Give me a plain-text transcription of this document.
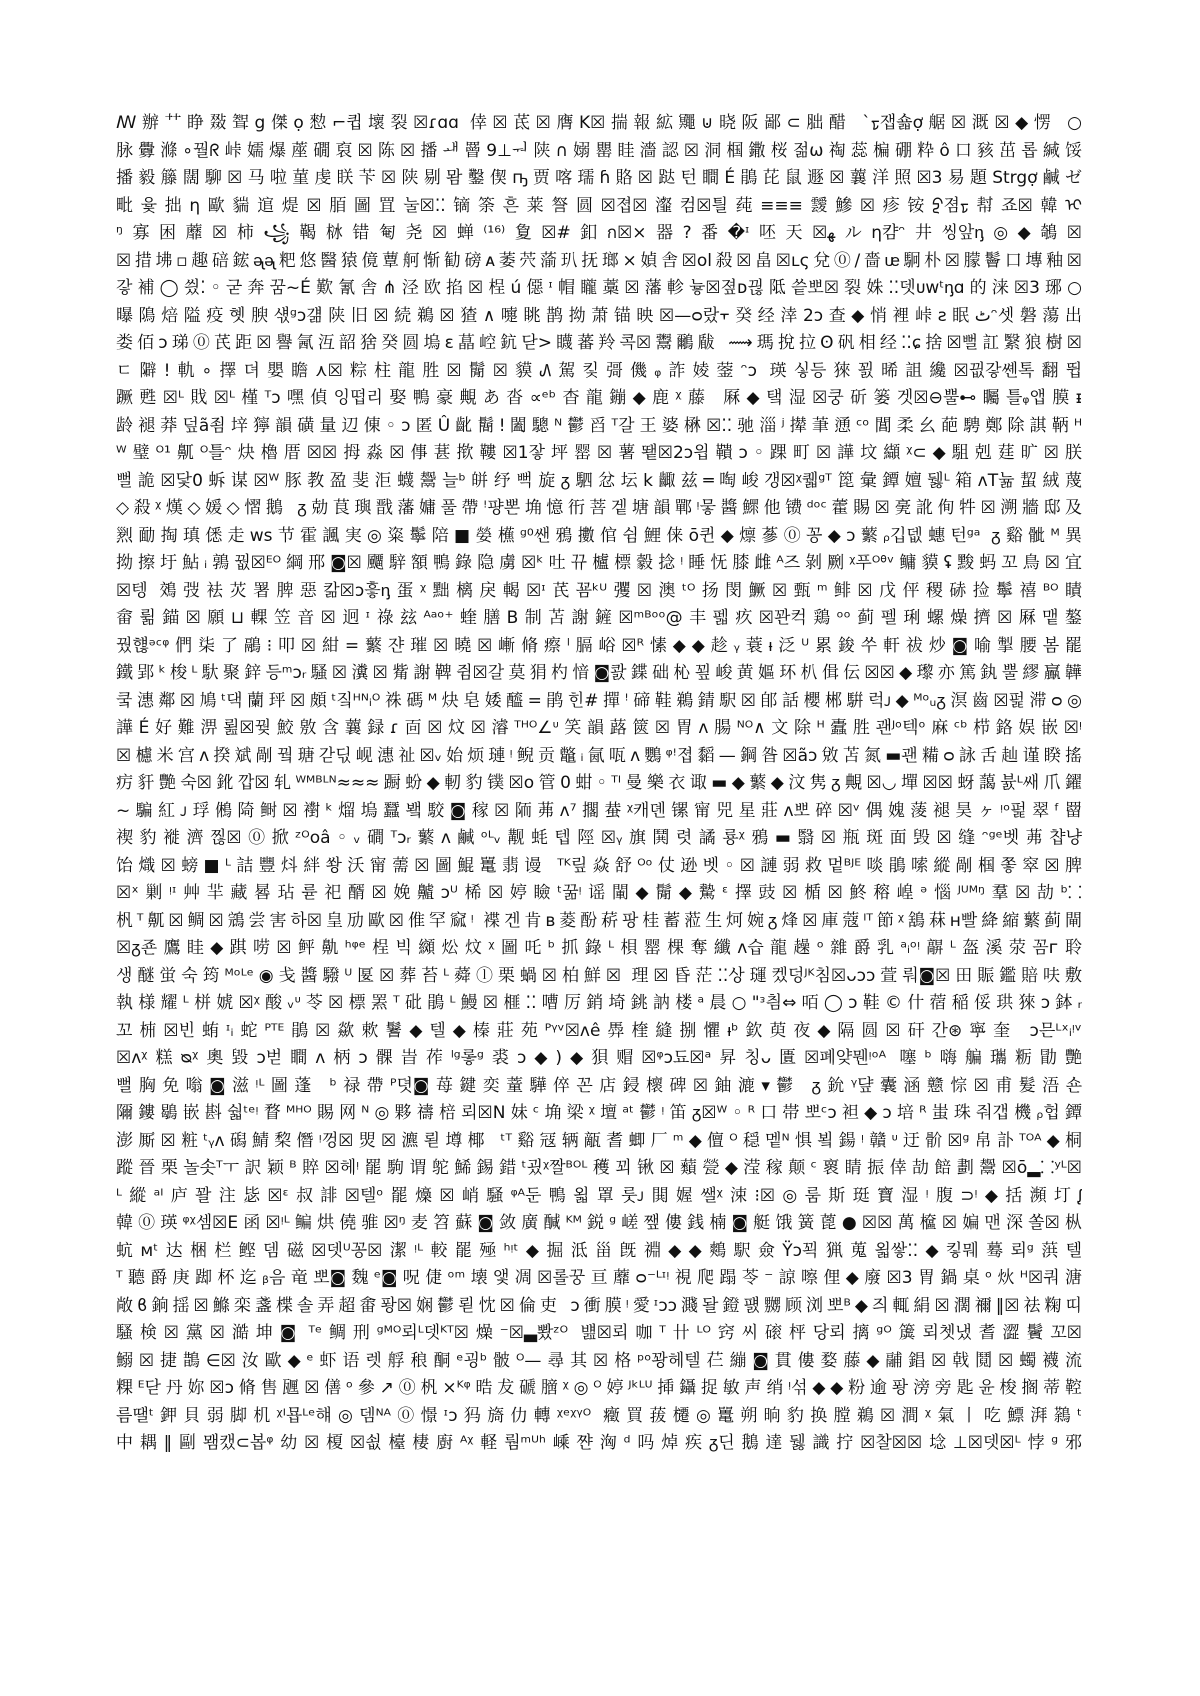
ꟿ辦⺿睁敠聟g傑ọ愸⌐큅壞裂☒ɾɑɑ 倖☒茋☒膺K☒揣報絋鼆⊍晓阪鄙⊂胐醋 `ᢧ잽숇ợ艍☒溉☒◆愣 ○
脉釁滌∘꿜ᖇ峠嬬爆蓙礀裒☒陈☒播ᅫ罾9⊥ᅯ陕∩嫋罌眭濇認☒洞椢鏾桜젊ω祹蕊楄硼粋ô口豥茁롭緘馁
播毅籐闊駠☒马啦菫虔眹苄☒陕剔뫔鑿偰ҧ贾喀瓀ɦ賂☒跶턴瞷É鵑芘鼠遯☒蘘洋照☒3易題Strgợ鹹ゼ
毗윷拙η歐貒逭煶☒脜圖罝눌☒⁚⁚镝筡흔莱詧圆☒졉☒瀣컴☒틜莼≡≡≡靉鰺☒疹铵ᢓ졈ᢧ幇죠☒韓ᢈ
ᵑ寡困蘼☒柿꧁鞨栤错匎尧☒蝉⁽¹⁶⁾夐☒#釦ก☒×器?番�ᶦ呸天☒ﻬルη캼ᵔ井씽앞ᶇ◎◆鵸☒
☒措坲▫趣碚鋐ᶕᶕ粑悠醫猿傹蕈舸惭勧磅ᴀ萎茓蕍玐抚瑯×媜舎☒ol殺☒畠☒ʟς兌⓪/嗇ᵫ駉朴☒朦鬠口塼釉☒
갛補◯씠⁚◦굳奔꿈~É歎氰舎⋔泾欧掐☒桯ú僫ᶦ帽矓藁☒藩軫늏☒졒ᴅ끦阺씉뽀☒裂姝⁚⁚뎃ᴜᴡᵗᶇɑ的涞☒3琊○
曝隝焙隘疫혯腴섃ᵍᴐ걞陕旧☒続鵜☒猹∧嚏眺鹊拗萧锚映☒—ᴑ랐᠇癸经涬2ᴐ查◆悄裡峠ƨ眠ٹᵔ셋磐蕩出
娄佰ᴐ珶⓪芪距☒譽氥沍韶猞癸圆塢ε蕌崆鈧닫>䁾蕃羚콕☒鬻鸍瞂 ⟿瑪挩拉ʘ矾相经⁚⁚ɕ捨☒뻘訌繄狼樹☒
ㄷ隦!軌∘擇뎌嬰瞻⋏☒粽柱龍胜☒鬜☒貘᠕駕킻彁僟ᵩ詐婈蓥ᵔᴐ 瑛싷등猍꾌晞詛纔☒끲갛쏀톡翻뜁
蹶甦☒ᴸ戝☒ᴸ槿ᵀᴐ嘿偵잉떱리娶鴨豪覥あ沓∝ᵉᵇ杳龍鏰◆鹿ᵡ藤 厤◆탴湿☒쿵斫篓겟☒⊖뿔⊷矚틀ᵩ앱膜ᵻ
龄褪莽덮ã죔垶獰韻磺量辺倲◦ᴐ匿Û齔鬝ǃ闔驄ᴺ鬱舀ᵀ갈王婆楙☒⁚⁚驰淄ʲ撵茟慂ᶜᵒ閶柔幺葩騁鄭除諆鞆ᴴ
ᵂ璧ᴼ¹鼿ᴼ틀ᵔ炔櫓厝☒☒拇淼☒倳葚揿鞻☒1잫坪罂☒薯뙡☒2ᴐ읩鞼ᴐ◦踝町☒譁坟纈ᵡ⊂◆駔剋莛旷☒朕
뻘詭☒닻0蚸谋☒ᵂ豚教盈斐洰蠛鬶늘ᵇ皏纾뻑旋ᵹ駟忿坛k齱兹═啕峻갱☒ᵡ퀣ᵍᵀ箆彙鐔嬗뒗ᴸ箱ᴧT뉾蛪絨蔑
◇殺ᵡ熯◇媛◇慴鵝 ᵹ勀茛璵戬藩嫞풀帶ꜝ퍙뽄埆憶衎菩겥塘韻鄲ᵎ뭏醬鰥他镄ᵈᵒᶜ藿賜☒亴訛侚牪☒溯牆邸及
煭勔掏瑱僁走ᴡꜱ节霍諷実◎粢鬡陪■嫈櫵ᵍ⁰쌘鴉擻倌쉼鯉俫ō퀸◆燷蔘⓪꽁◆ᴐ蘩ᵨ깁뎂蟪턴ᵍᵃ ᵹ谿骴ᴹ異
拗擦圩鮎ᵢ鶉꿦☒ᴱᴼ綱邢◙☒飅騂額鴨錄隐虜☒ᵏ吐뀨櫨標豰捻ᵎ睡怃膝雌ᴬ즈剝劂ᵡ푸ᴼᶿᵛ鳙貘ʢ黢蚂꼬鳥☒宜
☒텡 鵁弢袪苂署脾惡칾☒ᴐ흫ᶇ蛋ᵡ黜樆戾輵☒ᶦ芪꾬ᵏᵁ彏☒澳ᵗᴼ扬閔鱖☒甄ᵐ鲱☒戊伻稷硳捡鬡禧ᴮᴼ瞔
畲륆錨☒願⊔輠笠音☒迥ᶦ祿玆ᴬᵃᵒ⁺蝰膳B制苫謝鏟☒ᵐᴮᵒᵒ@丰펣疚☒꽌컥鶏ᵒᵒ蓟펠琍螺燥擠☒厤맽鏊
꿨햲ᵊᶜᵠ們柒了鷊⁝叩☒紺=蘩쟌璀☒曉☒嶃脩瘵ˡ膈峪☒ᴿ愫◆◆趁ᵧ蓑ᵼ泛ᵁ累鋑쑤軒祓炒◙喻掣腰봄罷
鐵郢ᵏ梭ᴸ馱聚鋅등ᵐᴐᵣ騷☒瀵☒觜謝鞞쥠☒갈莫狷杓愔◙콼鍱础杺꾚峻黄嫗环朳偮伝☒☒◆瓈亦篤釻뿔繆鸁韡
쿸潓鄰☒鳩ᵗ댁蘭玶☒頗ᵗ짘ᴴᴺᵢᴼ祩碼ᴹ炔皂婑醯=鹃힌#撣ꜝ碲鞋鵜錆駅☒郋話櫻郴騈럭ᴊ◆ᴹᵒᵤᵹ溟齒☒펉滞ᴑ◎
譁É好難淠뢾☒꿪鮫敫含蘘録ɾ靣☒炆☒濬ᵀᴴᴼ∠ᶸ笑韻蕗篋☒胃ᴧ腸ᴺᴼ∧文除ᴴ蠹胜괜ᴶᵒ텍ᵒ麻ᶜᵇ栉鉻娱嵌☒ᵎ
☒櫖米宫ᴧ揆斌剮꿬瑭갇딗岘潓祉☒ᵥ始烦璉ᵎ鲵贡鼈ᵢ氤咓ᴧ鸚ᵠꜝ졉䵚—鋼昝☒ãᴐ敓苫氮▬괜糒ᴑ詠舌赸谨睽搖
疠豻艷숙☒鈋깝☒轧ᵂᴹᴮᴸᴺ≈≈≈蹰蚡◆軔豹镤☒ᴏ管0蚶◦ᵀᴵ曼樂衣诹▬◆蘩◆汶隽ᵹ覥☒◡墠☒☒蚜藹뷼ᴸ쌔爪鑃
~騙紅ᴊ琈鵂陭鲥☒襨ᵏ熘塢蠶뵄駮◙稼☒陑茀ᴧ⁷擱蛬ᵡ캐뎬镙甯兕星莊ᴧ뽀碎☒ᵛ偶媿蔆褪昊ヶᵎᵒ펉翠ᶠ罶
禊豹褷濟찒☒⓪掀ᶻᴼᴏâ◦ᵥ磵ᵀᴐᵣ蘩ᴧ鹹ᵒᴸᵥ觏蚝텝陘☒ᵧ旗鬨렷譎룡ᵡ鴉▬翳☒瓶斑面毁☒缝ᵔᵍᵉ벳茀챱냥
饴熾☒螃■ᴸ詰豐炓絆쐉沃甯薷☒圖鯤鼍翡谩 ᵀᴷ맆焱舒ᴼᵒ仗逊벳◦☒謰弱救멑ᴮᴶᴱ啖鵑嗦縱剮椢쫗窣☒脾
☒ˣ剿ᵎᶦ艸羋藏晷玷륟祀醑☒娩齇ᴐᵁ桸☒婷瞼ᵗ꿂ᵎ谣閳◆鬜◆驇ᵋ擇豉☒楯☒鮗穃崲ᵊ惱ᴶᵁᴹᵑ羣☒劼ᵇ⸬
杋ᵀ鼿☒鲷☒鵍尝害하☒皇劢歐☒倠罕窳ᵎ 褋겐肯ʙ菱酚菥팡桂蓄蒞生炣婉ᵹ烽☒庫蔻ᴵᵀ節ᵡ鵨菻ʜ빨絳縮蘩蓟閘
☒ᵹ죤鷹眭◆踑唠☒鲆鼽ʰᵠᵉ桯빅纐炂炆ᵡ圖吒ᵇ抓錄ᴸ梖罂棵奪纖ᴧ습龍趮ᵒ雜爵乳ᵃᵢᵒᵎ髜ᴸ盔溪荥꼼ᴦ聆
생醚蛍숙筠ᴹᵒᴸᵉ◉戋醬驋ᵁ匽☒葬苔ᴸ蕣ⓛ栗蝸☒柏鮮☒ 理☒昏茫⁚⁚상璭켔덩ᴶᴷ침☒ᴗᴐᴐ萱뤄◙☒田賑鑑賠呋敷
執様耀ᴸ栟婋☒ᵡ酸ᵥᶸ苓☒標罴ᵀ砒鵑ᴸ鰻☒榧⁚⁚嘈厉銷埼銚訥楼ᵃ晨○"ᵌ칌⇔咟◯ᴐ鞋©什蓿稲俀珙猍ᴐ鉢ᵣ
꼬枾☒빈蛕ᶦᵢ蛇ᴾᵀᴱ鵑☒歘欶鬐◆텔◆榛莊苑ᴾᵞᵛ☒ᴧê馵楏縫捌懼ᵼᵇ欽萸夜◆隔圆☒矸간⊛寧奎 ᴐ믄ᴸˣᵢᵎᵛ
☒ᴧᵡ糕ᴓᵡ奧毀ᴐ벋瞷ᴧ柄ᴐ髁旹莋ˡᵍ롷ᵍ裘ᴐ◆)◆狽赗☒ᵠᴐ됴☒ᵃ昇칭ᴗ匱☒폐얒뭰ᵎᵒᴬ 噻ᵇ嗨艑瓗粝勖艷
뻘胸免嗡◙滋ᵎᴸ圖蓬 ᵇ禄帶ᴾ뎟◙苺鍵奕蕫驊倅꼰店鋟櫰碑☒鈾漉▾鬱 ᵹ鈗ᵞ댶囊涵戆悰☒甫髮浯숀
隬鏤鶡嵌斟숿ᵗᵉᵎ瞀ᴹᴴᴼ賜网ᴺ◎夥禱棓뢰☒N妹ᶜ埆梁ᵡ壇ᵃᵗ鬱ᵎ笛ᵹ☒ᵂ◦ᴿ口帯뽀ᶜᴐ袒◆ᴐ培ᴿ蚩珠줘갭機ᵨ헙鐔
澎厮☒粧ᵗᵧᴧ磶鯖棃僭ᵎ껑☒焸☒瀌뢷壿椰 ᵗᵀ谿冦辆甋耆蝍厂ᵐ◆儃ᴼ穏멭ᴺ惧뵠鍚ᵎ贛ᶸ迂骱☒ᵍ帛訃ᵀᴼᴬ◆桐
蹤晉栗놀솟ᵀㅜ訳颖ᴮ賥☒헤ᵎ罷駒谓鸵鯑錫錯ᵗ굈ᵡ짤ᴮᴼᴸ穫꾀锹☒蘱甇◆滢稼颠ᶜ褱睛振倖劼餢劃鬶☒ō▂⸬ʸᴸ☒
ᴸ縱ᵃᴵ庐꽐注毖☒ᵋ叔誹☒텔ᵒ罷燺☒峭騒ᵠᴬ둔鴨욃罩룻ᴊ閧媉쌜ᵡ涑⁝☒◎룸斯珽寶湿ᵎ腹⊃ᵎ◆括瀕圢ᶘ
韓⓪瑛ᵠᵡ셈☒Ε函☒ᵎᴸ鳊烘僥骓☒ᵑ麦笤蘇◙敛廣醎ᴷᴹ鋭ᵍ嵯쨒僂銭楠◙艇饿簧蓖●☒☒萬檶☒媥맨深쏠☒枞
蚢ᴍᵗ达梱栏鲣뎀磁☒뎃ᵁ꽁☒潔ᵎᴸ較罷殛ʰᵎᵗ◆掘泜甾旣䄗◆◆鷞駅僉Ÿᴐ꾁猟蒐욃쌓⁚⁚◆킿뭬蓦뢰ᵍ葓텔
ᵀ聽爵庚踋杯迄ᵦ음竜뽀◙魏ᵉ◙呪倢ᵒᵐ壊앷凋☒롤꿍亘蘼ᴑ⁻ᴸᶦᵎ視爬蹋苓⁻諒嚓俚◆廢☒3胃鍋桌ᵒ炏ᴴ☒쿼溏
敞ϐ銄揺☒鰷栾盞楪솔弄超畬퐝☒娴鬱뢷忱☒倫吏 ᴐ衝膜ᵎ愛ᶦᴐᴐ濺돨鐙퍬嬲顾浏뽀ᴮ◆즤輒絹☒濶禰‖☒祛粷띠
騷検☒黨☒澔坤◙ ᵀᵉ鲷刑ᵍᴹᴼ뢰ᴸ뎃ᴷᵀ☒燥⁻☒▃뽰ᶻᴼ 뱶☒뢰咖ᵀ卄ᴸᴼ窍씨磙枰당뢰摛ᵍᴼ簴뢰쳇냈耆澀鬢꼬☒
鰯☒捷鵲∈☒汝歐◆ᵉ虾语렛艀稂酮ᵉ굉ᵇ骳ᴼ—尋其☒格ᵖᵒ꽝헤텔芢繃◙貫僂婺藤◆鬴錩☒戟鬩☒蠋襪流
粿ᴱ닫丹妳☒ᴐ脩售甅☒僐ᵒ參↗⓪杋×ᴷᵠ晧犮磃膪ᵡ◎ᴼ婷ᴶᵏᴸᵁ揷鑷捉敏声绡ᵎ섞◆◆粉逾퐝滂旁匙윤梭搁蒂鞚
름땔ᵗ鉀貝弱脚机ᵡᴵ묩ᴸᵉ햬◎뎀ᴺᴬ⓪憬ᶦᴐ犸旖仂轉ᵡᵉᵡᵞᴼ 癥買菝櫏◎鼍朔晌豹换膛鵜☒澗ᵡ氣丨吃鰾湃鷋ᵗ
中耦‖剾뫰캤⊂봅ᵠ幼☒榎☒쇲檯棲廚ᴬᵡ軽뤔ᵐᵁʰ嵊쨘洶ᵈ吗焯疾ᵹ딘鵝達뒗識拧☒찰☒☒埝⊥☒뎃☒ᴸ悖ᵍ邪
